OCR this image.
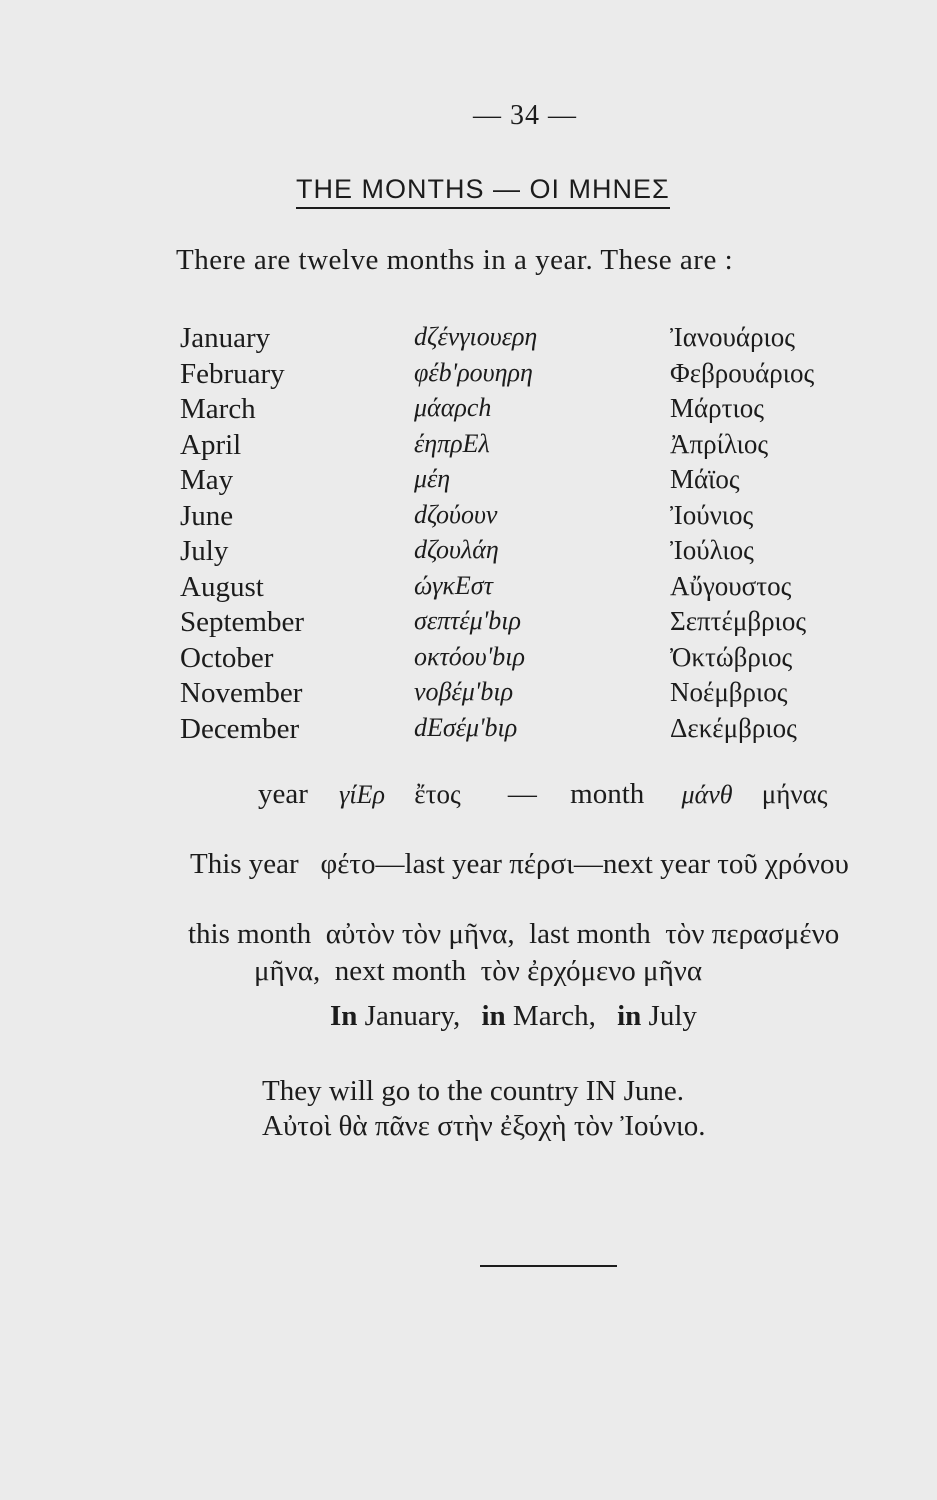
— 34 —
THE MONTHS — ΟΙ ΜΗΝΕΣ
There are twelve months in a year. These are :
January	dζένγιουερη	Ἰανουάριος
February	φέb'ρουηρη	Φεβρουάριος
March	μάαρch	Μάρτιος
April	έηπρΕλ	Ἀπρίλιος
May	μέη	Μάϊος
June	dζούουν	Ἰούνιος
July	dζουλάη	Ἰούλιος
August	ώγκΕστ	Αὔγουστος
September	σεπτέμ'bιρ	Σεπτέμβριος
October	οκτόου'bιρ	Ὀκτώβριος
November	νοβέμ'bιρ	Νοέμβριος
December	dΕσέμ'bιρ	Δεκέμβριος
year γίΕρ ἔτος — month μάνθ μήνας
This year   φέτο—last year πέρσι—next year τοῦ χρόνου
this month  αὐτὸν τὸν μῆνα,  last month  τὸν περασμένο
μῆνα,  next month  τὸν ἐρχόμενο μῆνα
In January, in March, in July
They will go to the country IN June.
Αὐτοὶ θὰ πᾶνε στὴν ἐξοχὴ τὸν Ἰούνιο.
